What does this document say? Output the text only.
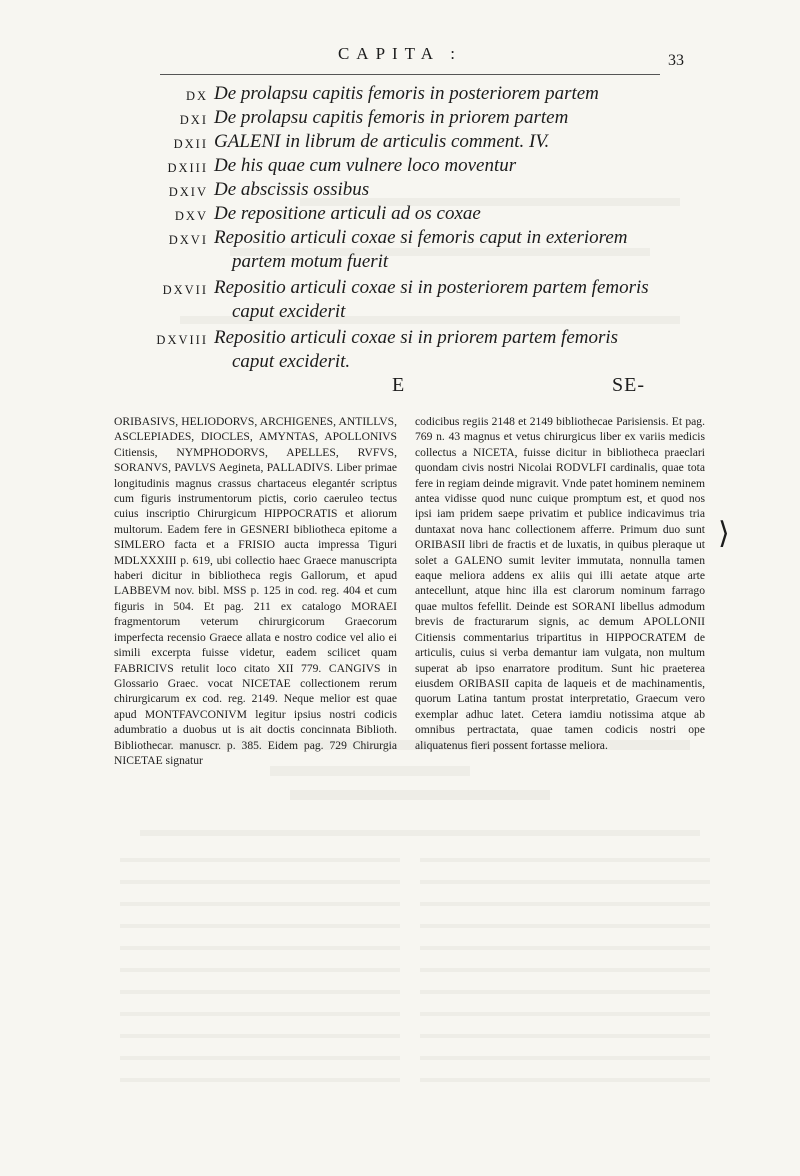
CAPITA :	33
DX De prolapsu capitis femoris in posteriorem partem
DXI De prolapsu capitis femoris in priorem partem
DXII GALENI in librum de articulis comment. IV.
DXIII De his quae cum vulnere loco moventur
DXIV De abscissis ossibus
DXV De repositione articuli ad os coxae
DXVI Repositio articuli coxae si femoris caput in exteriorem
partem motum fuerit
DXVII Repositio articuli coxae si in posteriorem partem femoris
caput exciderit
DXVIII Repositio articuli coxae si in priorem partem femoris
caput exciderit.
E	SE-
ORIBASIVS, HELIODORVS, ARCHIGENES, ANTILLVS, ASCLEPIADES, DIOCLES, AMYNTAS, APOLLONIVS Citiensis, NYMPHODORVS, APELLES, RVFVS, SORANVS, PAVLVS Aegineta, PALLADIVS. Liber primae longitudinis magnus crassus chartaceus elegantér scriptus cum figuris instrumentorum pictis, corio caeruleo tectus cuius inscriptio Chirurgicum HIPPOCRATIS et aliorum multorum. Eadem fere in GESNERI bibliotheca epitome a SIMLERO facta et a FRISIO aucta impressa Tiguri MDLXXXIII p. 619, ubi collectio haec Graece manuscripta haberi dicitur in bibliotheca regis Gallorum, et apud LABBEVM nov. bibl. MSS p. 125 in cod. reg. 404 et cum figuris in 504. Et pag. 211 ex catalogo MORAEI fragmentorum veterum chirurgicorum Graecorum imperfecta recensio Graece allata e nostro codice vel alio ei simili excerpta fuisse videtur, eadem scilicet quam FABRICIVS retulit loco citato XII 779. CANGIVS in Glossario Graec. vocat NICETAE collectionem rerum chirurgicarum ex cod. reg. 2149. Neque melior est quae apud MONTFAVCONIVM legitur ipsius nostri codicis adumbratio a duobus ut is ait doctis concinnata Biblioth. Bibliothecar. manuscr. p. 385. Eidem pag. 729 Chirurgia NICETAE signatur
codicibus regiis 2148 et 2149 bibliothecae Parisiensis. Et pag. 769 n. 43 magnus et vetus chirurgicus liber ex variis medicis collectus a NICETA, fuisse dicitur in bibliotheca praeclari quondam civis nostri Nicolai RODVLFI cardinalis, quae tota fere in regiam deinde migravit. Vnde patet hominem neminem antea vidisse quod nunc cuique promptum est, et quod nos ipsi iam pridem saepe privatim et publice indicavimus tria duntaxat nova hanc collectionem afferre. Primum duo sunt ORIBASII libri de fractis et de luxatis, in quibus pleraque ut solet a GALENO sumit leviter immutata, nonnulla tamen eaque meliora addens ex aliis qui illi aetate atque arte antecellunt, atque hinc illa est clarorum nominum farrago quae multos fefellit. Deinde est SORANI libellus admodum brevis de fracturarum signis, ac demum APOLLONII Citiensis commentarius tripartitus in HIPPOCRATEM de articulis, cuius si verba demantur iam vulgata, non multum superat ab ipso enarratore proditum. Sunt hic praeterea eiusdem ORIBASII capita de laqueis et de machinamentis, quorum Latina tantum prostat interpretatio, Graecum vero exemplar adhuc latet. Cetera iamdiu notissima atque ab omnibus pertractata, quae tamen codicis nostri ope aliquatenus fieri possent fortasse meliora.
⟩
